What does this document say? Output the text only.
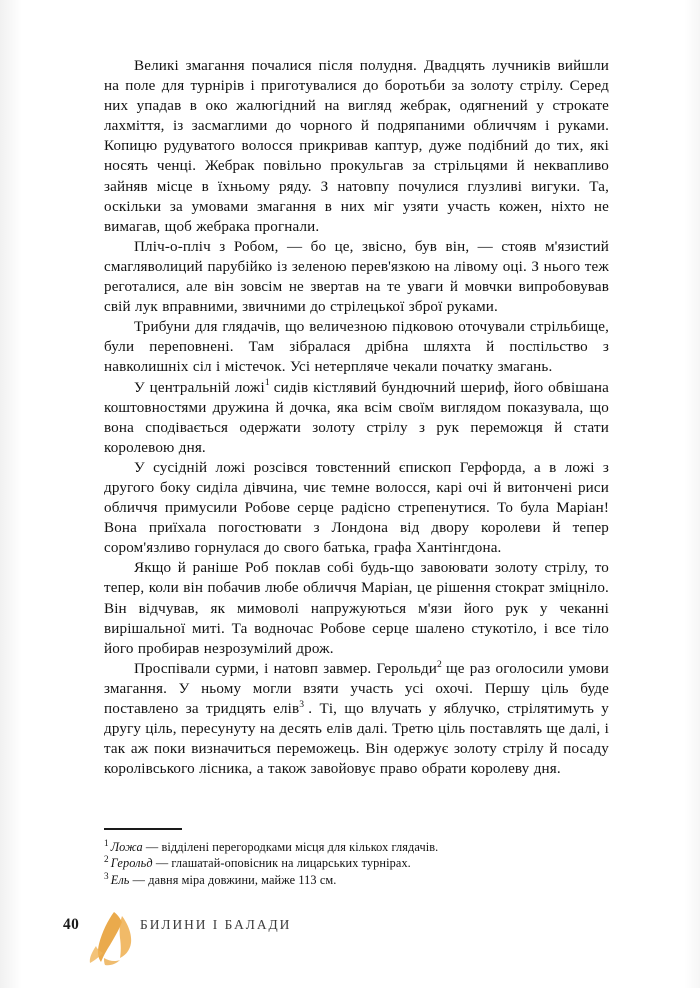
Великі змагання почалися після полудня. Двадцять лучників вийшли на поле для турнірів і приготувалися до боротьби за золоту стрілу. Серед них упадав в око жалюгідний на вигляд жебрак, одягнений у строкате лахміття, із засмаглими до чорного й подряпаними обличчям і руками. Копицю рудуватого волосся прикривав каптур, дуже подібний до тих, які носять ченці. Жебрак повільно прокульгав за стрільцями й неквапливо зайняв місце в їхньому ряду. З натовпу почулися глузливі вигуки. Та, оскільки за умовами змагання в них міг узяти участь кожен, ніхто не вимагав, щоб жебрака прогнали.

Пліч-о-пліч з Робом, — бо це, звісно, був він, — стояв м'язистий смагляволиций парубійко із зеленою перев'язкою на лівому оці. З нього теж реготалися, але він зовсім не звертав на те уваги й мовчки випробовував свій лук вправними, звичними до стрілецької зброї руками.

Трибуни для глядачів, що величезною підковою оточували стрільбище, були переповнені. Там зібралася дрібна шляхта й посπільство з навколишніх сіл і містечок. Усі нетерпляче чекали початку змагань.

У центральній ложі$^1$ сидів кістлявий бундючний шериф, його обвішана коштовностями дружина й дочка, яка всім своїм виглядом показувала, що вона сподівається одержати золоту стрілу з рук переможця й стати королевою дня.

У сусідній ложі розсівся товстенний єпископ Герфорда, а в ложі з другого боку сиділа дівчина, чиє темне волосся, карі очі й витончені риси обличчя примусили Робове серце радісно стрепенутися. То була Маріан! Вона приїхала погостювати з Лондона від двору королеви й тепер сором'язливо горнулася до свого батька, графа Хантінгдона.

Якщо й раніше Роб поклав собі будь-що завоювати золоту стрілу, то тепер, коли він побачив любе обличчя Маріан, це рішення стократ зміцніло. Він відчував, як мимоволі напружуються м'язи його рук у чеканні вирішальної миті. Та водночас Робове серце шалено стукотіло, і все тіло його пробирав незрозумілий дрож.

Проспівали сурми, і натовп завмер. Герольди$^2$ ще раз оголосили умови змагання. У ньому могли взяти участь усі охочі. Першу ціль буде поставлено за тридцять елів$^3$ . Ті, що влучать у яблучко, стрілятимуть у другу ціль, пересунуту на десять елів далі. Третю ціль поставлять ще далі, і так аж поки визначиться переможець. Він одержує золоту стрілу й посаду королівського лісника, а також завойовує право обрати королеву дня.

$^1$ Ложа — відділені перегородками місця для кількох глядачів.
$^2$ Герольд — глашатай-оповісник на лицарських турнірах.
$^3$ Ель — давня міра довжини, майже 113 см.
40	БИЛИНИ І БАЛАДИ
